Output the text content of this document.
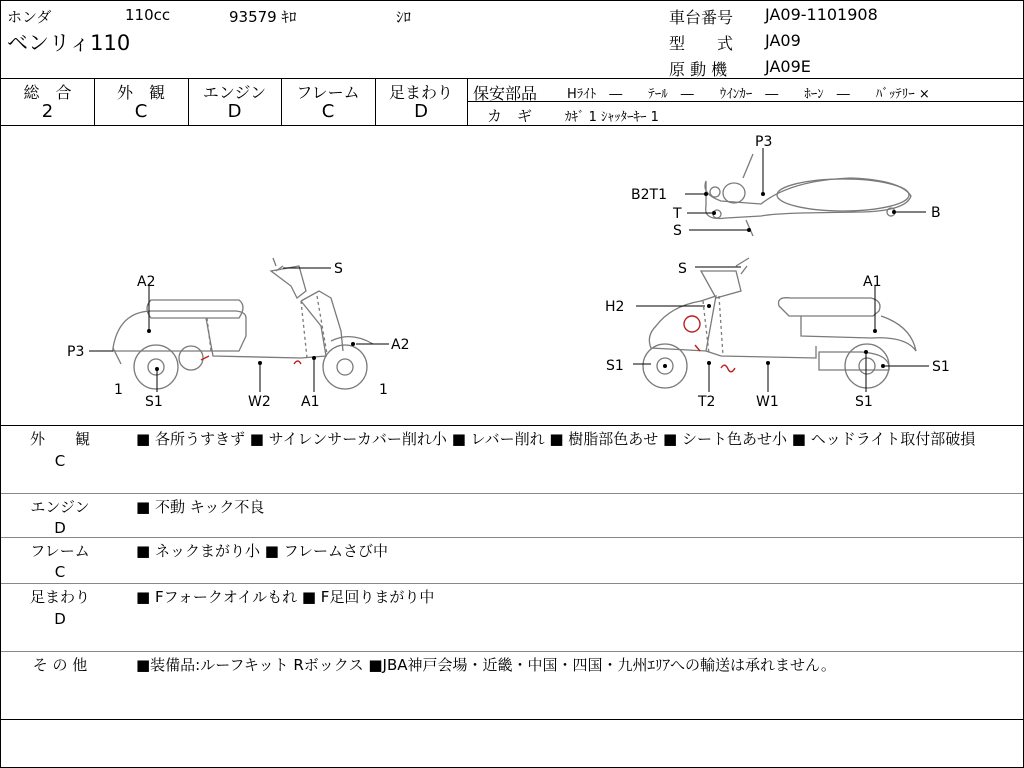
ホンダ	110cc	93579 ｷﾛ	ｼﾛ
ベンリィ110
車台番号 JA09-1101908
型　　式 JA09
原 動 機 JA09E
総　合
2
外　観
C
エンジン
D
フレーム
C
足まわり
D
保安部品 Hﾗｲﾄ　―　　ﾃｰﾙ　―　　ｳｲﾝｶｰ　―　　ﾎｰﾝ　―　　ﾊﾞｯﾃﾘｰ ×
カ　ギ	ｶｷﾞ 1 ｼｬｯﾀｰｷｰ 1
P3
B2T1
T
S
B
S
A2
P3	A2
1
S1	W2 A1
1
S
A1
H2
S1	S1
T2	W1	S1
外　　観
C
■ 各所うすきず ■ サイレンサーカバー削れ小 ■ レバー削れ ■ 樹脂部色あせ ■ シート色あせ小 ■ ヘッドライト取付部破損
エンジン
D
■ 不動 キック不良
フレーム
C
■ ネックまがり小 ■ フレームさび中
足まわり
D
■ Fフォークオイルもれ ■ F足回りまがり中
そ の 他	■装備品:ルーフキット Rボックス ■JBA神戸会場・近畿・中国・四国・九州ｴﾘｱへの輸送は承れません。
